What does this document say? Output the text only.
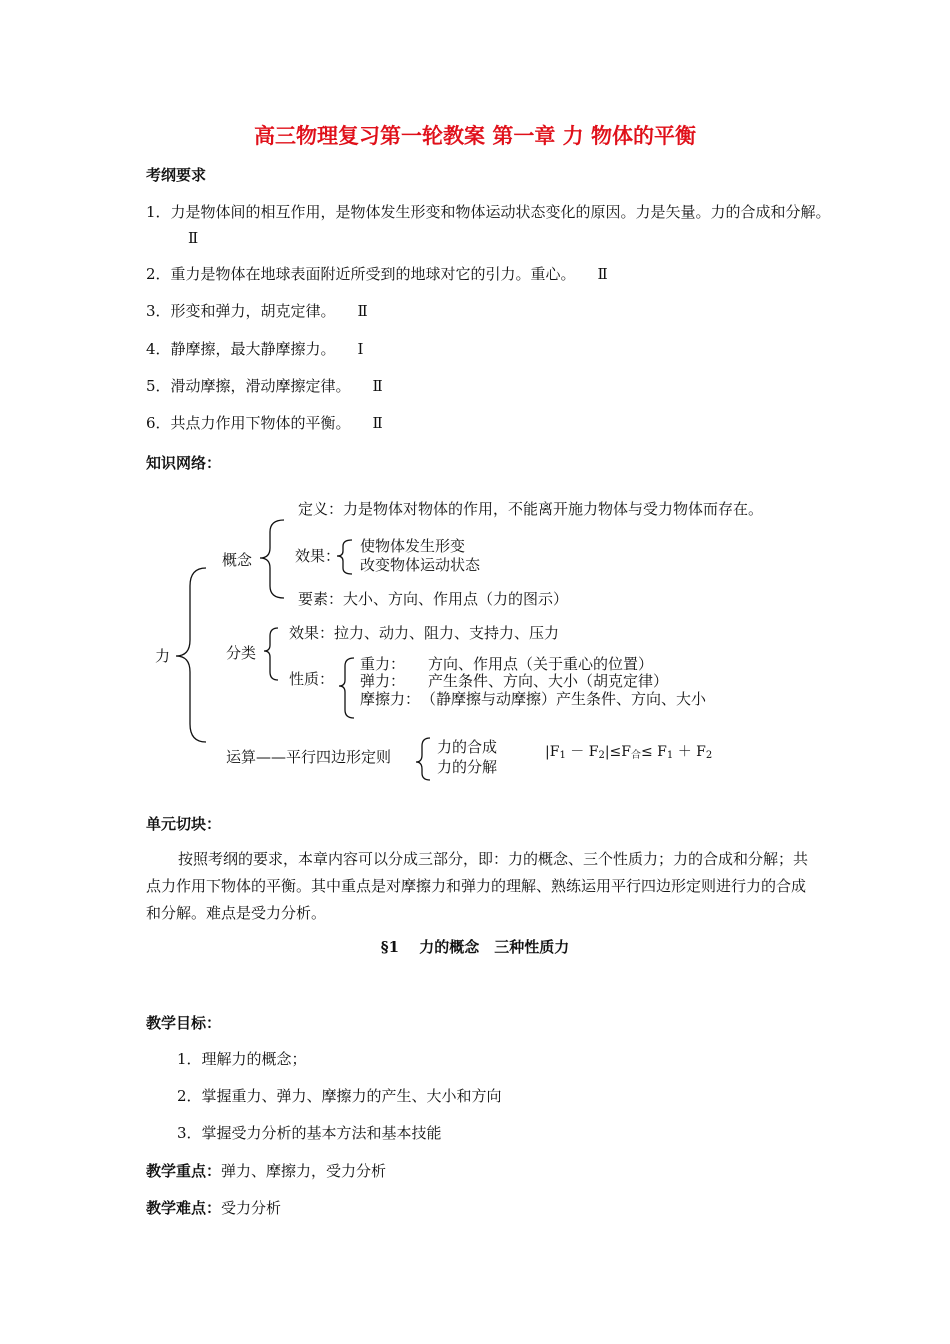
高三物理复习第一轮教案 第一章 力 物体的平衡
考纲要求
1．力是物体间的相互作用，是物体发生形变和物体运动状态变化的原因。力是矢量。力的合成和分解。Ⅱ
2．重力是物体在地球表面附近所受到的地球对它的引力。重心。 Ⅱ
3．形变和弹力，胡克定律。 Ⅱ
4．静摩擦，最大静摩擦力。 Ⅰ
5．滑动摩擦，滑动摩擦定律。 Ⅱ
6．共点力作用下物体的平衡。 Ⅱ
知识网络：
力
概念
定义：力是物体对物体的作用，不能离开施力物体与受力物体而存在。
效果：
使物体发生形变
改变物体运动状态
要素：大小、方向、作用点（力的图示）
分类
效果：拉力、动力、阻力、支持力、压力
性质：
重力： 方向、作用点（关于重心的位置）
弹力： 产生条件、方向、大小（胡克定律）
摩擦力： （静摩擦与动摩擦）产生条件、方向、大小
运算——平行四边形定则
力的合成
力的分解
$|F_1 - F_2|\le F_合\le F_1 + F_2$
单元切块：
按照考纲的要求，本章内容可以分成三部分，即：力的概念、三个性质力；力的合成和分解；共点力作用下物体的平衡。其中重点是对摩擦力和弹力的理解、熟练运用平行四边形定则进行力的合成和分解。难点是受力分析。
§1　 力的概念　三种性质力
教学目标：
1．理解力的概念；
2．掌握重力、弹力、摩擦力的产生、大小和方向
3．掌握受力分析的基本方法和基本技能
教学重点：弹力、摩擦力，受力分析
教学难点：受力分析
